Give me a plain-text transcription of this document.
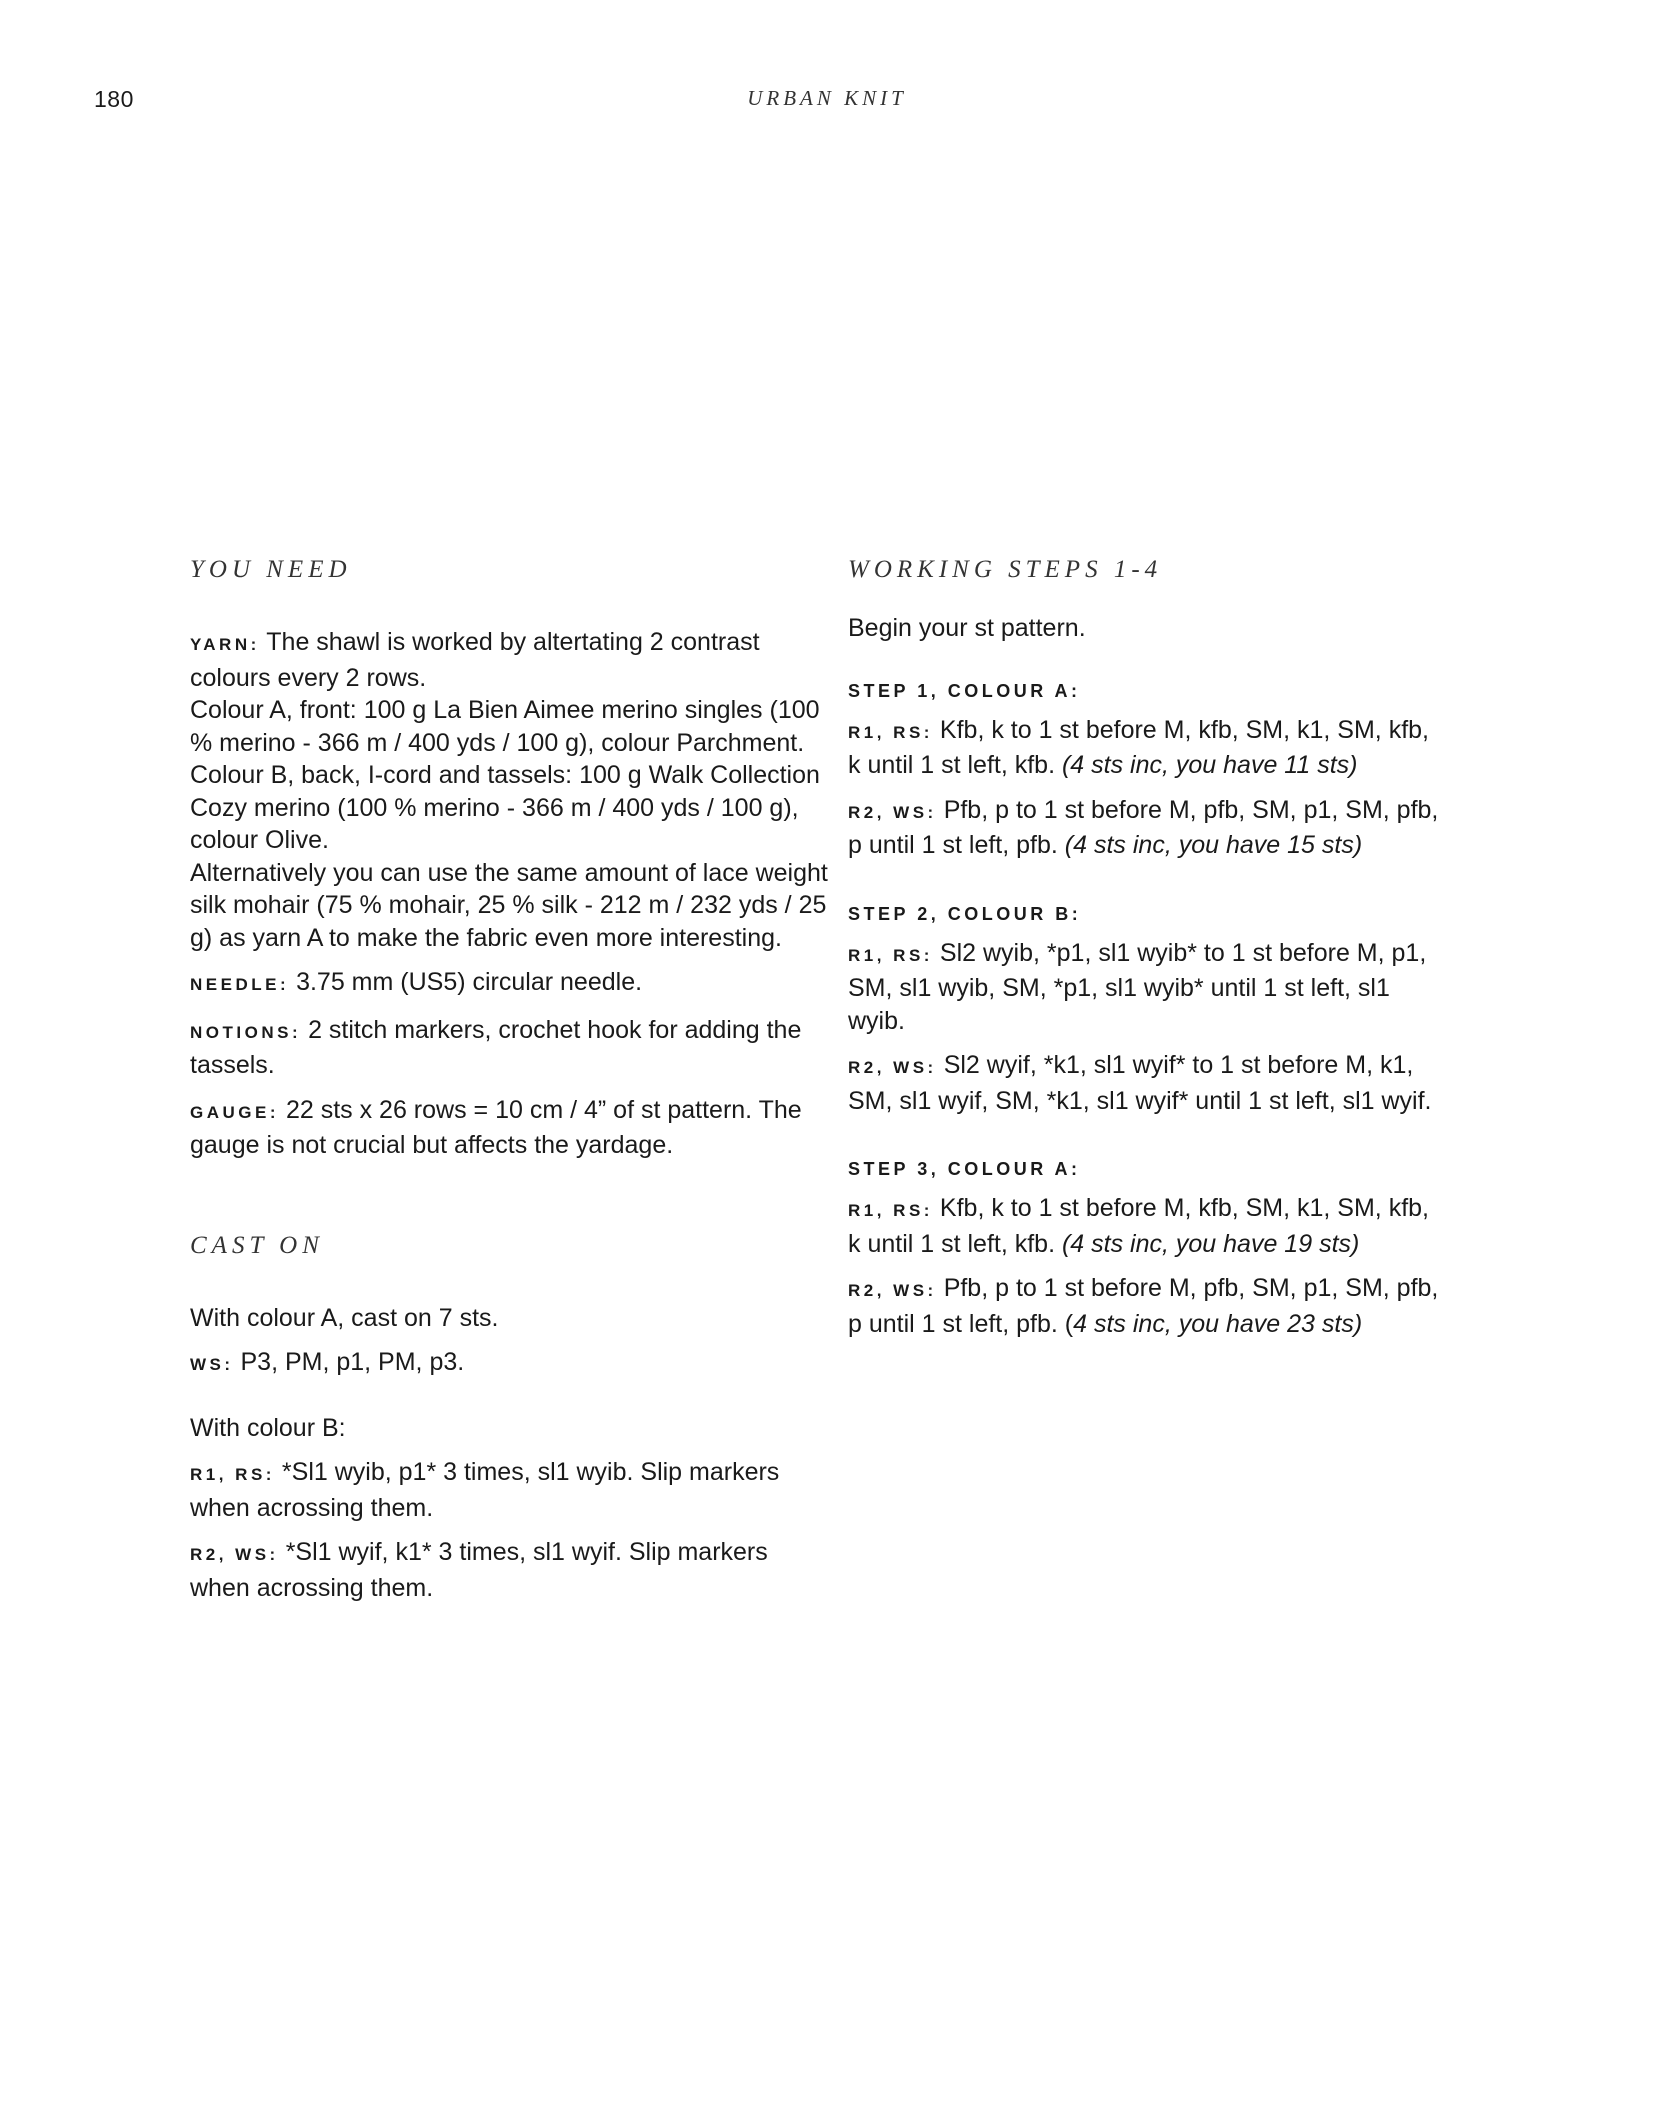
180	URBAN KNIT
YOU NEED

YARN: The shawl is worked by altertating 2 contrast colours every 2 rows.
Colour A, front: 100 g La Bien Aimee merino singles (100 % merino - 366 m / 400 yds / 100 g), colour Parchment.
Colour B, back, I-cord and tassels: 100 g Walk Collection Cozy merino (100 % merino - 366 m / 400 yds / 100 g), colour Olive.
Alternatively you can use the same amount of lace weight silk mohair (75 % mohair, 25 % silk - 212 m / 232 yds / 25 g) as yarn A to make the fabric even more interesting.

NEEDLE: 3.75 mm (US5) circular needle.

NOTIONS: 2 stitch markers, crochet hook for adding the tassels.

GAUGE: 22 sts x 26 rows = 10 cm / 4” of st pattern. The gauge is not crucial but affects the yardage.

CAST ON

With colour A, cast on 7 sts.

WS: P3, PM, p1, PM, p3.

With colour B:

R1, RS: *Sl1 wyib, p1* 3 times, sl1 wyib. Slip markers when acrossing them.

R2, WS: *Sl1 wyif, k1* 3 times, sl1 wyif. Slip markers when acrossing them.

WORKING STEPS 1-4

Begin your st pattern.

STEP 1, COLOUR A:

R1, RS: Kfb, k to 1 st before M, kfb, SM, k1, SM, kfb, k until 1 st left, kfb. (4 sts inc, you have 11 sts)

R2, WS: Pfb, p to 1 st before M, pfb, SM, p1, SM, pfb, p until 1 st left, pfb. (4 sts inc, you have 15 sts)

STEP 2, COLOUR B:

R1, RS: Sl2 wyib, *p1, sl1 wyib* to 1 st before M, p1, SM, sl1 wyib, SM, *p1, sl1 wyib* until 1 st left, sl1 wyib.

R2, WS: Sl2 wyif, *k1, sl1 wyif* to 1 st before M, k1, SM, sl1 wyif, SM, *k1, sl1 wyif* until 1 st left, sl1 wyif.

STEP 3, COLOUR A:

R1, RS: Kfb, k to 1 st before M, kfb, SM, k1, SM, kfb, k until 1 st left, kfb. (4 sts inc, you have 19 sts)

R2, WS: Pfb, p to 1 st before M, pfb, SM, p1, SM, pfb, p until 1 st left, pfb. (4 sts inc, you have 23 sts)
